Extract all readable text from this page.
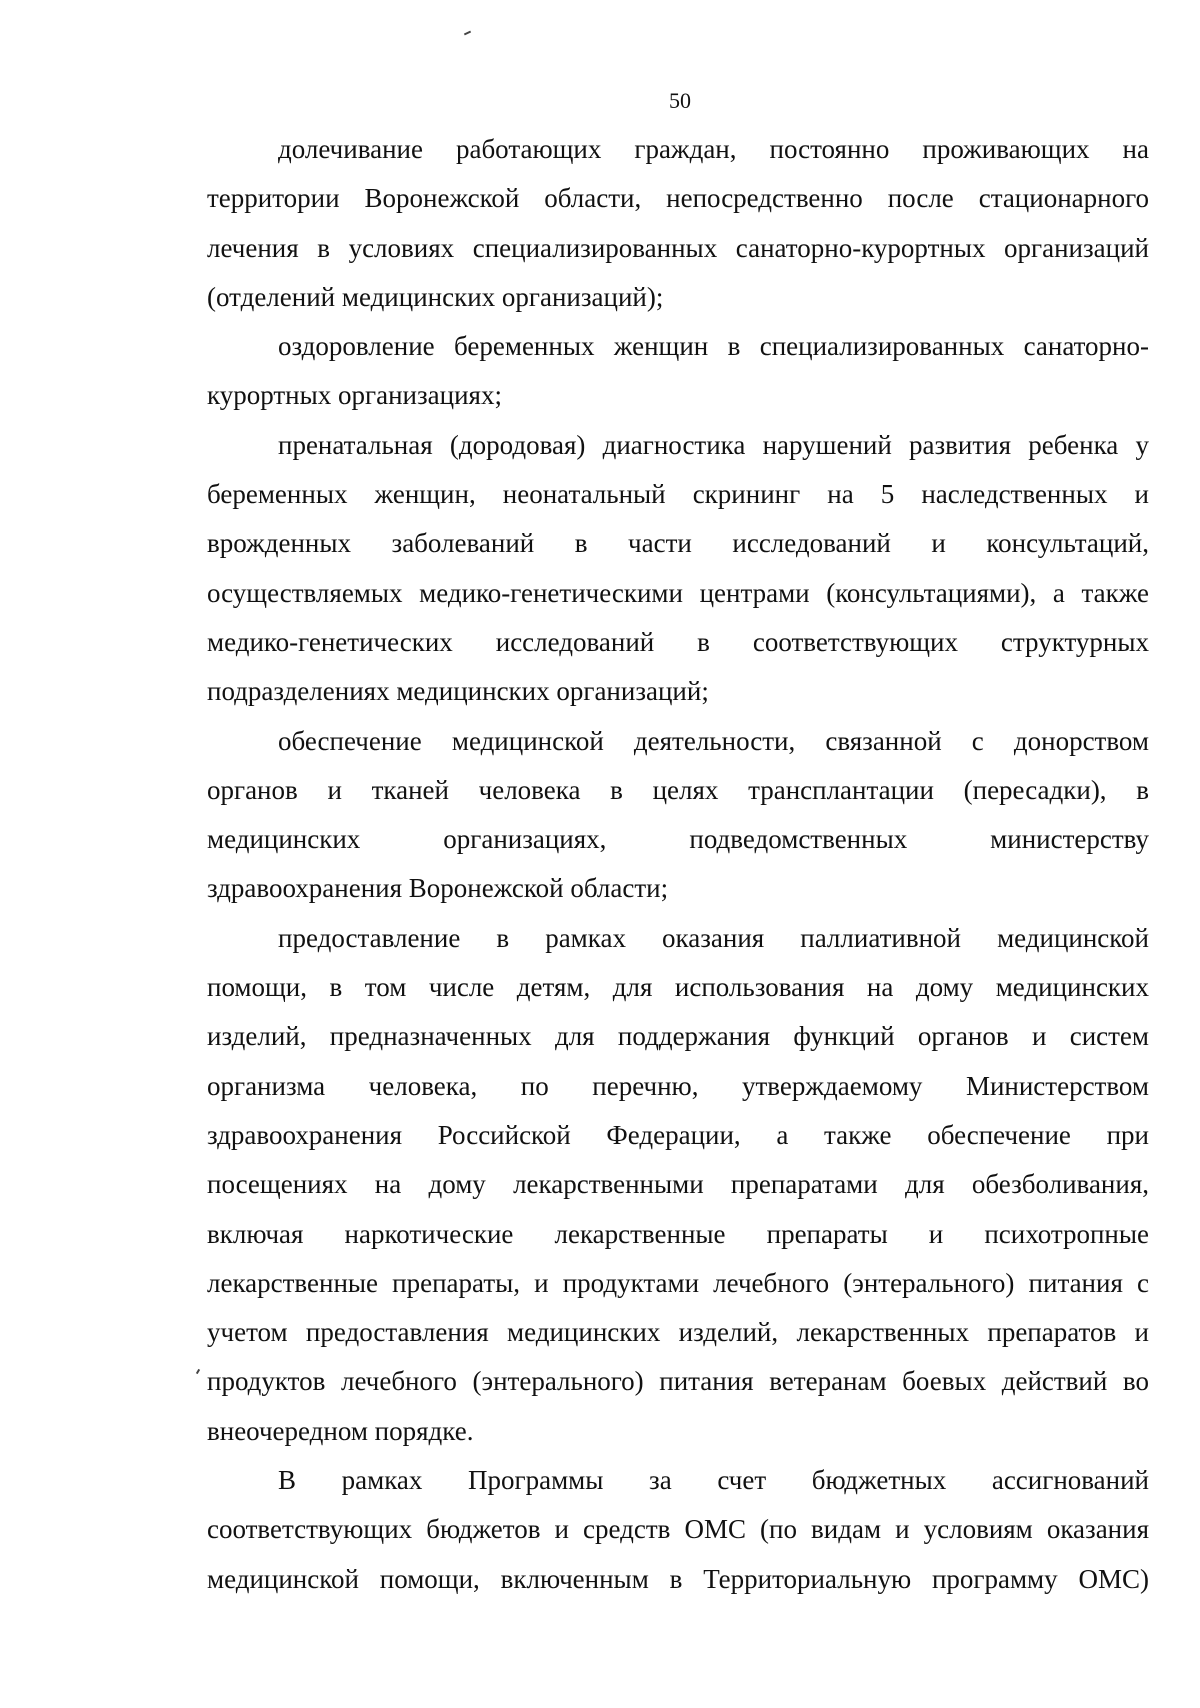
50
долечивание работающих граждан, постоянно проживающих на
территории Воронежской области, непосредственно после стационарного
лечения в условиях специализированных санаторно-курортных организаций
(отделений медицинских организаций);
оздоровление беременных женщин в специализированных санаторно-
курортных организациях;
пренатальная (дородовая) диагностика нарушений развития ребенка у
беременных женщин, неонатальный скрининг на 5 наследственных и
врожденных заболеваний в части исследований и консультаций,
осуществляемых медико-генетическими центрами (консультациями), а также
медико-генетических исследований в соответствующих структурных
подразделениях медицинских организаций;
обеспечение медицинской деятельности, связанной с донорством
органов и тканей человека в целях трансплантации (пересадки), в
медицинских организациях, подведомственных министерству
здравоохранения Воронежской области;
предоставление в рамках оказания паллиативной медицинской
помощи, в том числе детям, для использования на дому медицинских
изделий, предназначенных для поддержания функций органов и систем
организма человека, по перечню, утверждаемому Министерством
здравоохранения Российской Федерации, а также обеспечение при
посещениях на дому лекарственными препаратами для обезболивания,
включая наркотические лекарственные препараты и психотропные
лекарственные препараты, и продуктами лечебного (энтерального) питания с
учетом предоставления медицинских изделий, лекарственных препаратов и
продуктов лечебного (энтерального) питания ветеранам боевых действий во
внеочередном порядке.
В рамках Программы за счет бюджетных ассигнований
соответствующих бюджетов и средств ОМС (по видам и условиям оказания
медицинской помощи, включенным в Территориальную программу ОМС)
